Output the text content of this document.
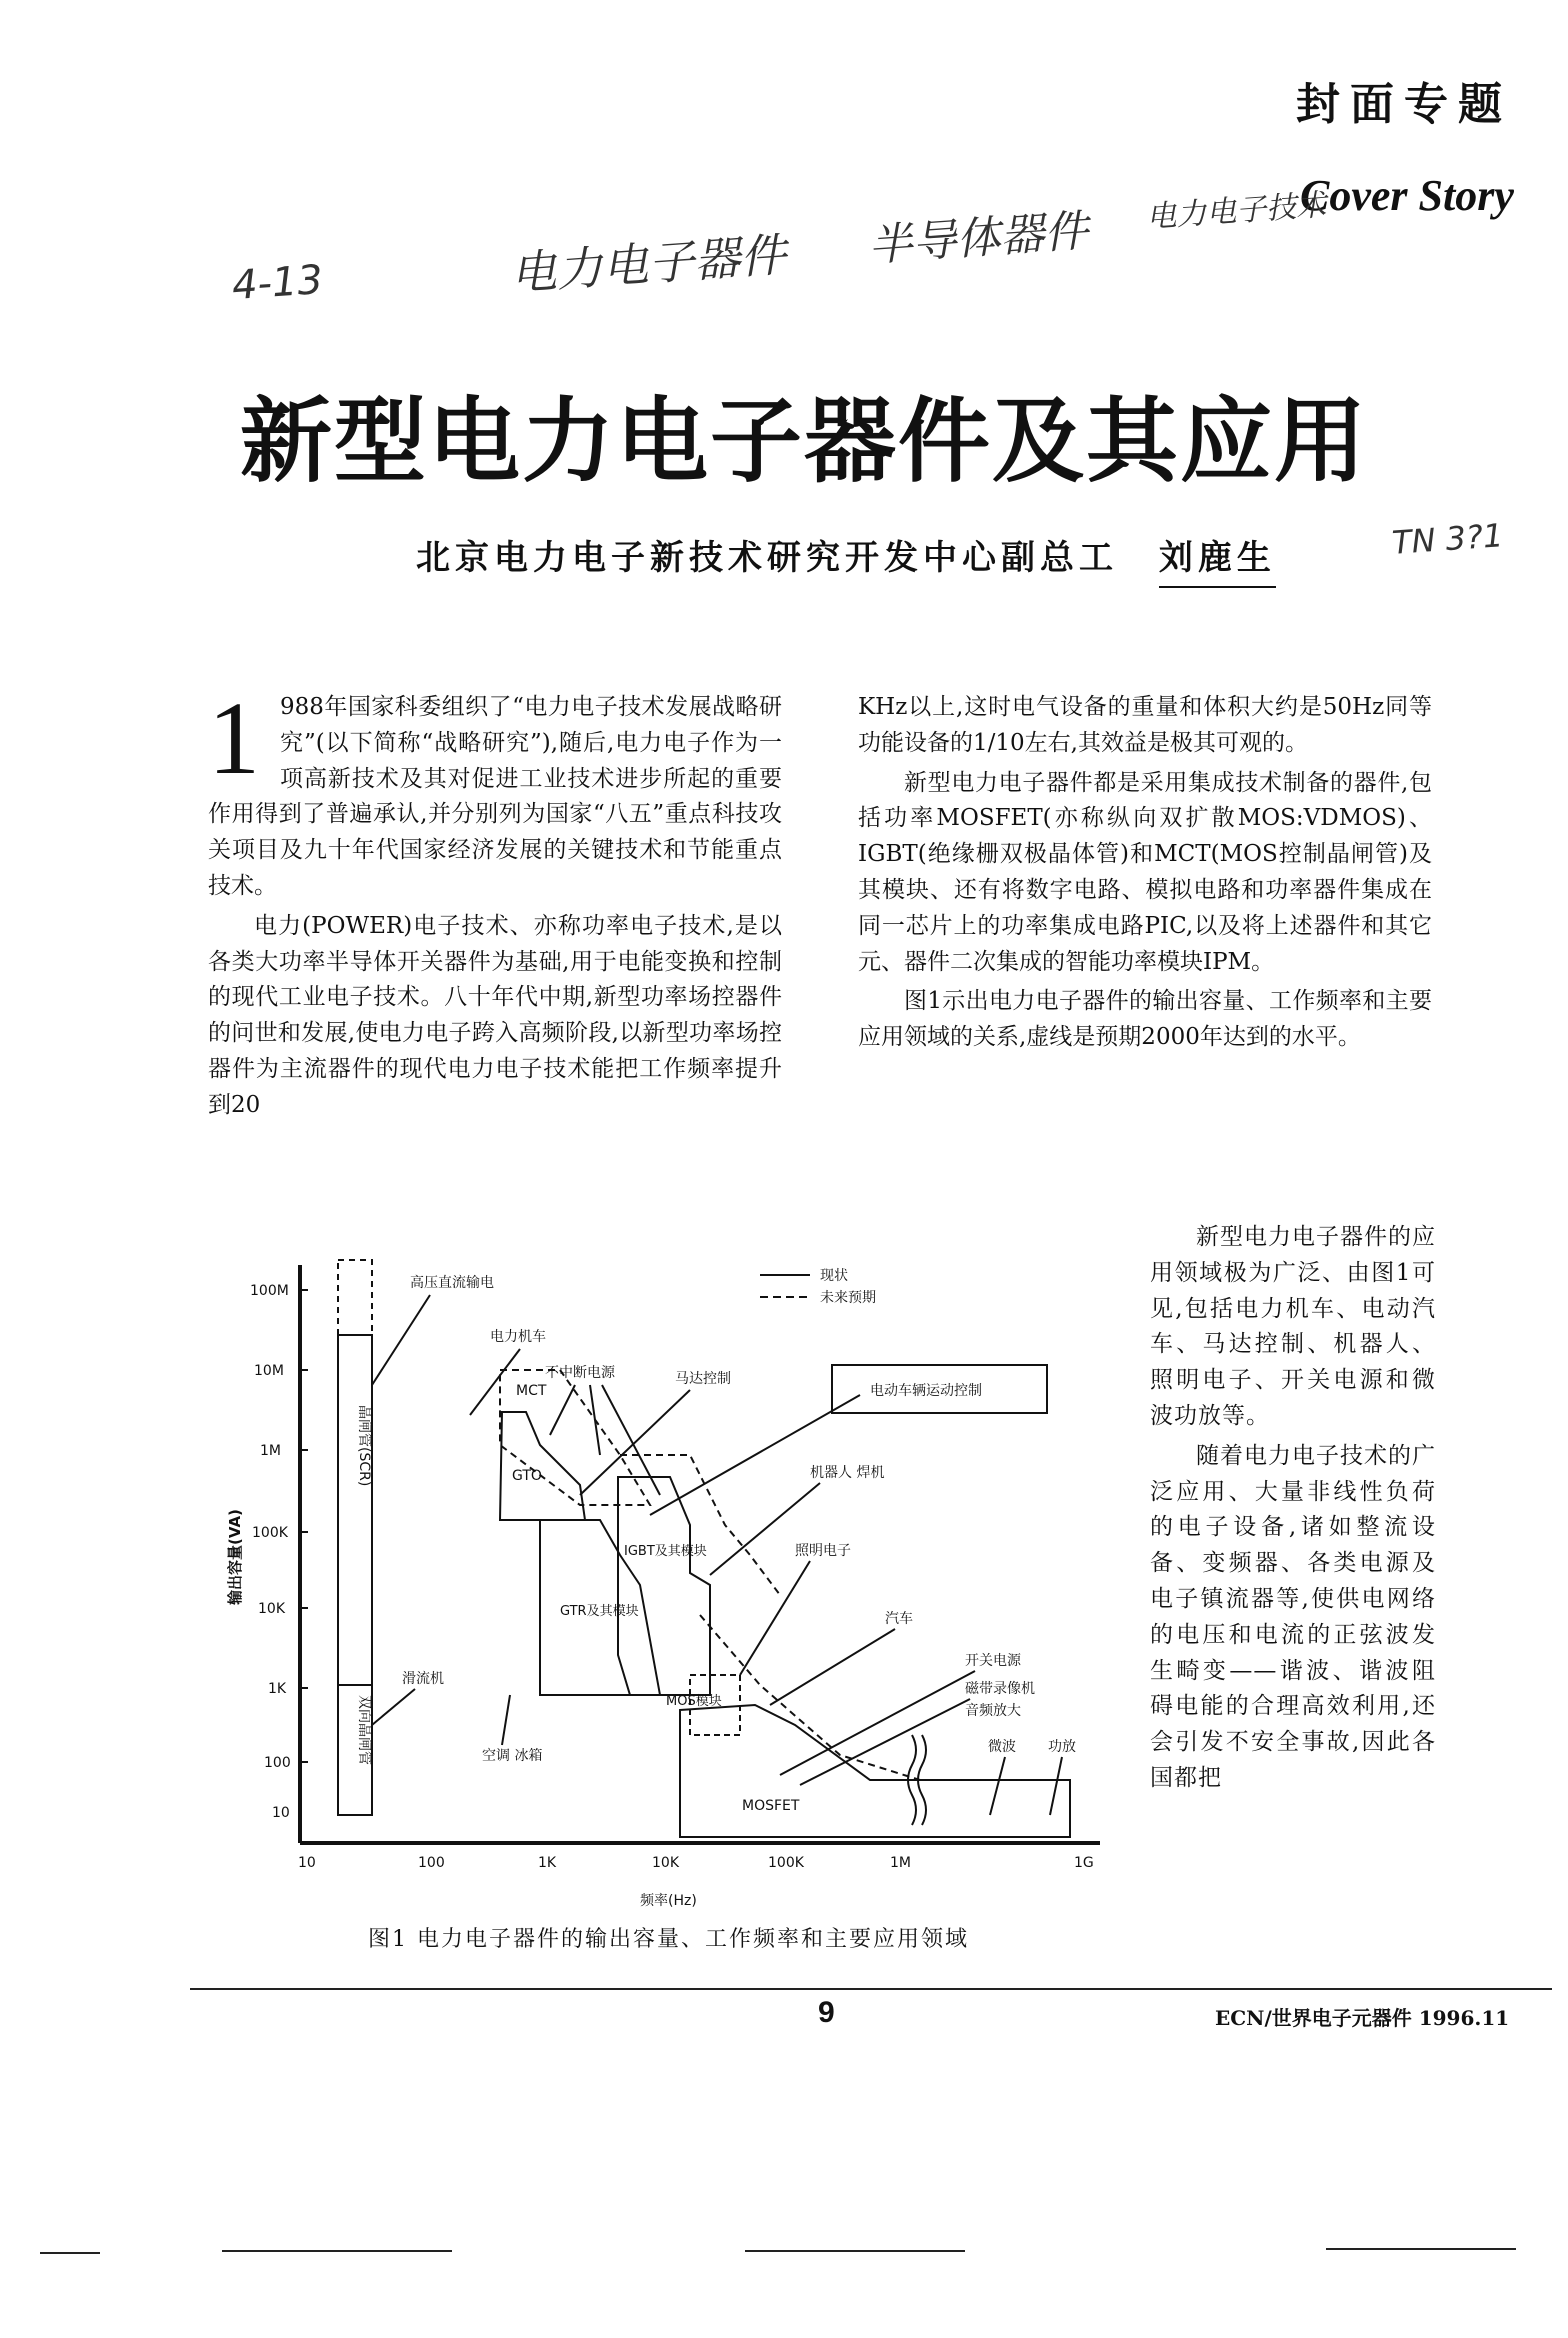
封面专题
Cover Story
4-13	电力电子器件 半导体器件 电力电子技术
TN 3?1
新型电力电子器件及其应用
北京电力电子新技术研究开发中心副总工 刘鹿生

1 988年国家科委组织了“电力电子技术发展战略研究”(以下简称“战略研究”),随后,电力电子作为一项高新技术及其对促进工业技术进步所起的重要作用得到了普遍承认,并分别列为国家“八五”重点科技攻关项目及九十年代国家经济发展的关键技术和节能重点技术。

电力(POWER)电子技术、亦称功率电子技术,是以各类大功率半导体开关器件为基础,用于电能变换和控制的现代工业电子技术。八十年代中期,新型功率场控器件的问世和发展,使电力电子跨入高频阶段,以新型功率场控器件为主流器件的现代电力电子技术能把工作频率提升到20

KHz以上,这时电气设备的重量和体积大约是50Hz同等功能设备的1/10左右,其效益是极其可观的。

新型电力电子器件都是采用集成技术制备的器件,包括功率MOSFET(亦称纵向双扩散MOS:VDMOS)、IGBT(绝缘栅双极晶体管)和MCT(MOS控制晶闸管)及其模块、还有将数字电路、模拟电路和功率器件集成在同一芯片上的功率集成电路PIC,以及将上述器件和其它元、器件二次集成的智能功率模块IPM。

图1示出电力电子器件的输出容量、工作频率和主要应用领域的关系,虚线是预期2000年达到的水平。

新型电力电子器件的应用领域极为广泛、由图1可见,包括电力机车、电动汽车、马达控制、机器人、照明电子、开关电源和微波功放等。

随着电力电子技术的广泛应用、大量非线性负荷的电子设备,诸如整流设备、变频器、各类电源及电子镇流器等,使供电网络的电压和电流的正弦波发生畸变——谐波、谐波阻碍电能的合理高效利用,还会引发不安全事故,因此各国都把

100M
10M
1M
100K
10K
1K
100
10
输出容量(VA)
10	100	1K	10K	100K	1M	1G
频率(Hz)
现状
未来预期
晶闸管(SCR)
双向晶闸管
GTO
MCT
GTR及其模块
IGBT及其模块
MOS模块
MOSFET
高压直流输电
电力机车
不中断电源	马达控制
电动车辆运动控制
机器人 焊机
照明电子
汽车
开关电源
磁带录像机
音频放大
微波 功放
滑流机
空调 冰箱
图1 电力电子器件的输出容量、工作频率和主要应用领域
9	ECN/世界电子元器件 1996.11
